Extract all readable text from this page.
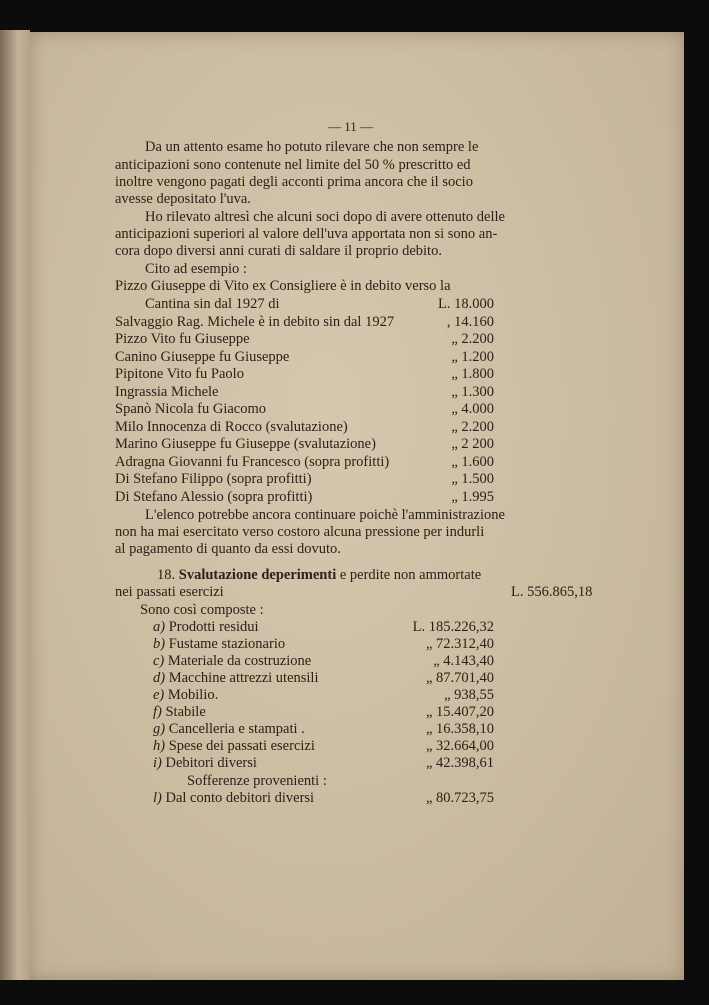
— 11 —
Da un attento esame ho potuto rilevare che non sempre le
anticipazioni sono contenute nel limite del 50 % prescritto ed
inoltre vengono pagati degli acconti prima ancora che il socio
avesse depositato l'uva.
Ho rilevato altresì che alcuni soci dopo di avere ottenuto delle
anticipazioni superiori al valore dell'uva apportata non si sono an-
cora dopo diversi anni curati di saldare il proprio debito.
Cito ad esempio :
Pizzo Giuseppe di Vito ex Consigliere è in debito verso la
Cantina sin dal 1927 di	L. 18.000
Salvaggio Rag. Michele è in debito sin dal 1927	, 14.160
Pizzo Vito fu Giuseppe	„ 2.200
Canino Giuseppe fu Giuseppe	„ 1.200
Pipitone Vito fu Paolo	„ 1.800
Ingrassia Michele	„ 1.300
Spanò Nicola fu Giacomo	„ 4.000
Milo Innocenza di Rocco (svalutazione)	„ 2.200
Marino Giuseppe fu Giuseppe (svalutazione)	„ 2 200
Adragna Giovanni fu Francesco (sopra profitti)	„ 1.600
Di Stefano Filippo (sopra profitti)	„ 1.500
Di Stefano Alessio (sopra profitti)	„ 1.995
L'elenco potrebbe ancora continuare poichè l'amministrazione
non ha mai esercitato verso costoro alcuna pressione per indurli
al pagamento di quanto da essi dovuto.
18. Svalutazione deperimenti e perdite non ammortate
nei passati esercizi	L. 556.865,18
Sono così composte :
a) Prodotti residui	L. 185.226,32
b) Fustame stazionario	„ 72.312,40
c) Materiale da costruzione	„ 4.143,40
d) Macchine attrezzi utensili	„ 87.701,40
e) Mobilio.	„ 938,55
f) Stabile	„ 15.407,20
g) Cancelleria e stampati .	„ 16.358,10
h) Spese dei passati esercizi	„ 32.664,00
i) Debitori diversi	„ 42.398,61
Sofferenze provenienti :
l) Dal conto debitori diversi	„ 80.723,75
